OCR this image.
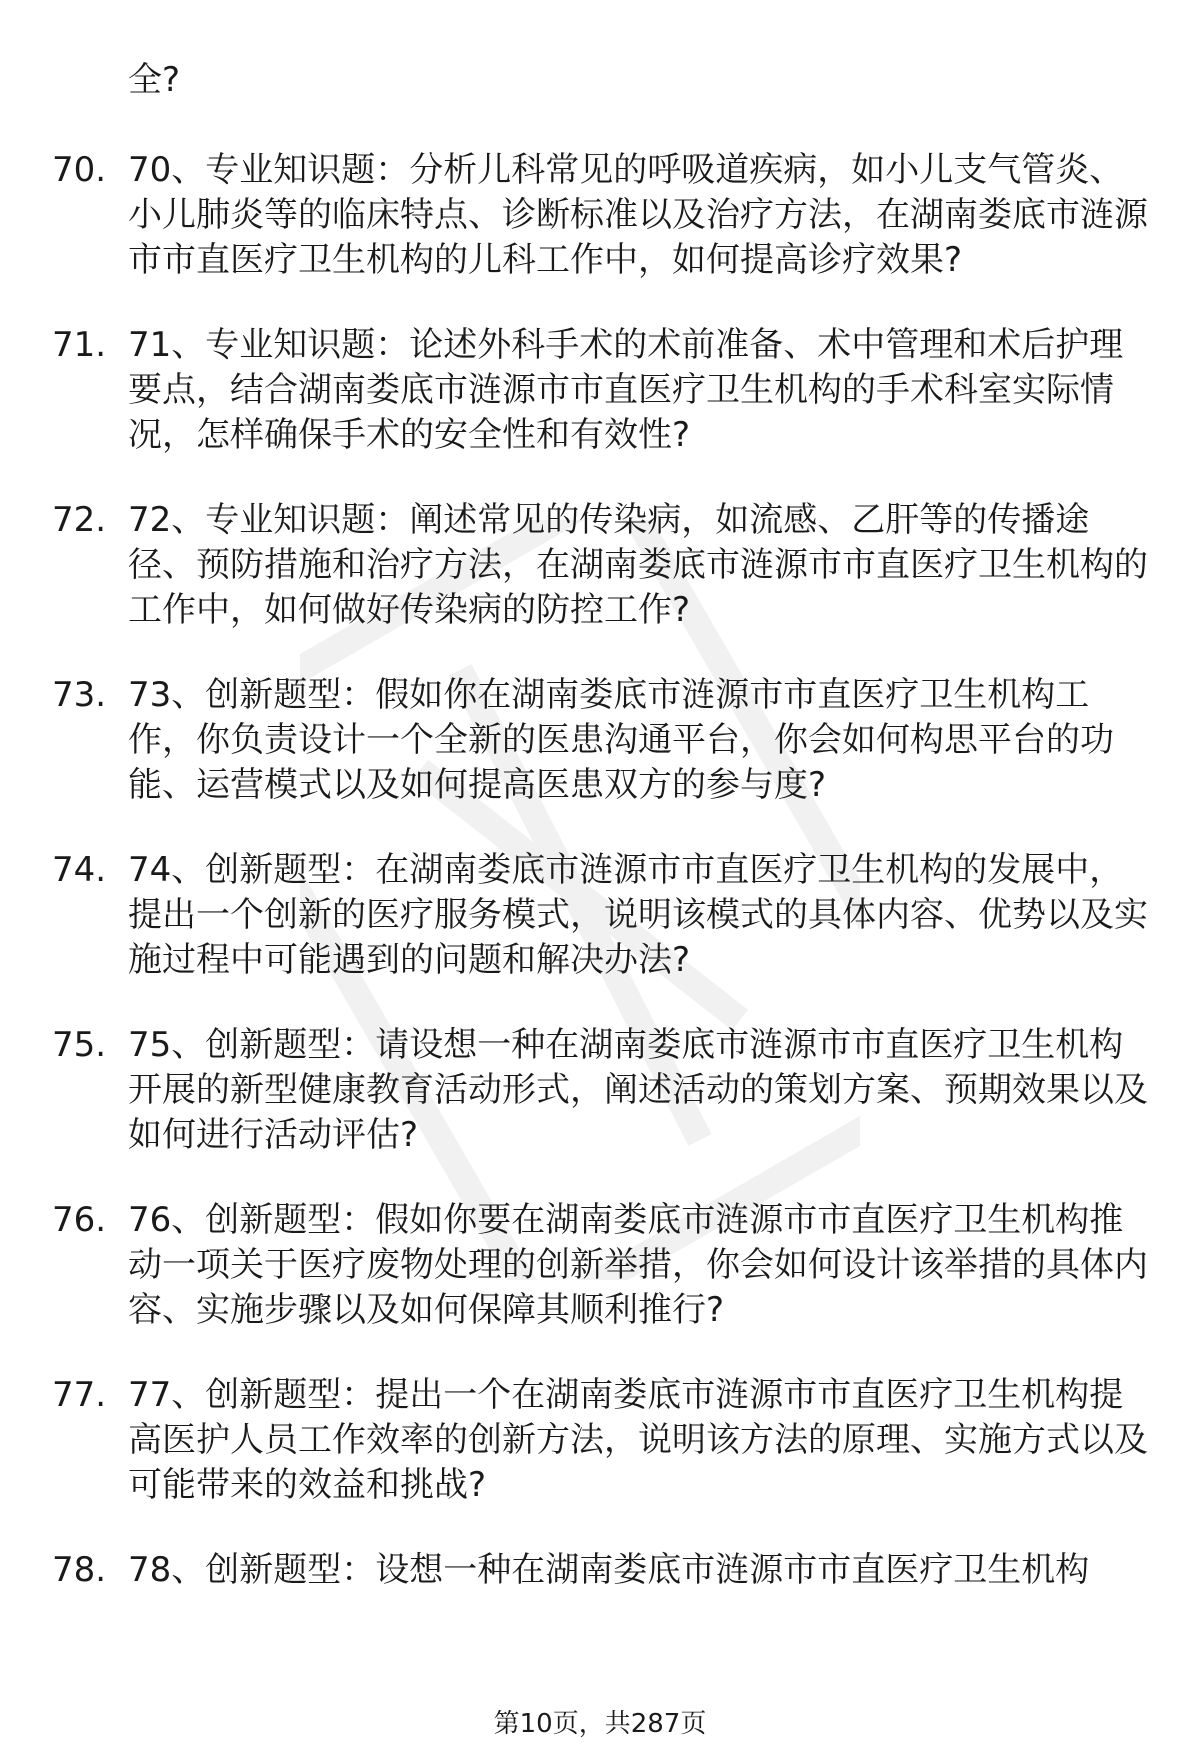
全?
70. 70、专业知识题：分析儿科常见的呼吸道疾病，如小儿支气管炎、小儿肺炎等的临床特点、诊断标准以及治疗方法，在湖南娄底市涟源市市直医疗卫生机构的儿科工作中，如何提高诊疗效果?
71. 71、专业知识题：论述外科手术的术前准备、术中管理和术后护理要点，结合湖南娄底市涟源市市直医疗卫生机构的手术科室实际情况，怎样确保手术的安全性和有效性?
72. 72、专业知识题：阐述常见的传染病，如流感、乙肝等的传播途径、预防措施和治疗方法，在湖南娄底市涟源市市直医疗卫生机构的工作中，如何做好传染病的防控工作?
73. 73、创新题型：假如你在湖南娄底市涟源市市直医疗卫生机构工作，你负责设计一个全新的医患沟通平台，你会如何构思平台的功能、运营模式以及如何提高医患双方的参与度?
74. 74、创新题型：在湖南娄底市涟源市市直医疗卫生机构的发展中，提出一个创新的医疗服务模式，说明该模式的具体内容、优势以及实施过程中可能遇到的问题和解决办法?
75. 75、创新题型：请设想一种在湖南娄底市涟源市市直医疗卫生机构开展的新型健康教育活动形式，阐述活动的策划方案、预期效果以及如何进行活动评估?
76. 76、创新题型：假如你要在湖南娄底市涟源市市直医疗卫生机构推动一项关于医疗废物处理的创新举措，你会如何设计该举措的具体内容、实施步骤以及如何保障其顺利推行?
77. 77、创新题型：提出一个在湖南娄底市涟源市市直医疗卫生机构提高医护人员工作效率的创新方法，说明该方法的原理、实施方式以及可能带来的效益和挑战?
78. 78、创新题型：设想一种在湖南娄底市涟源市市直医疗卫生机构
第10页，共287页
